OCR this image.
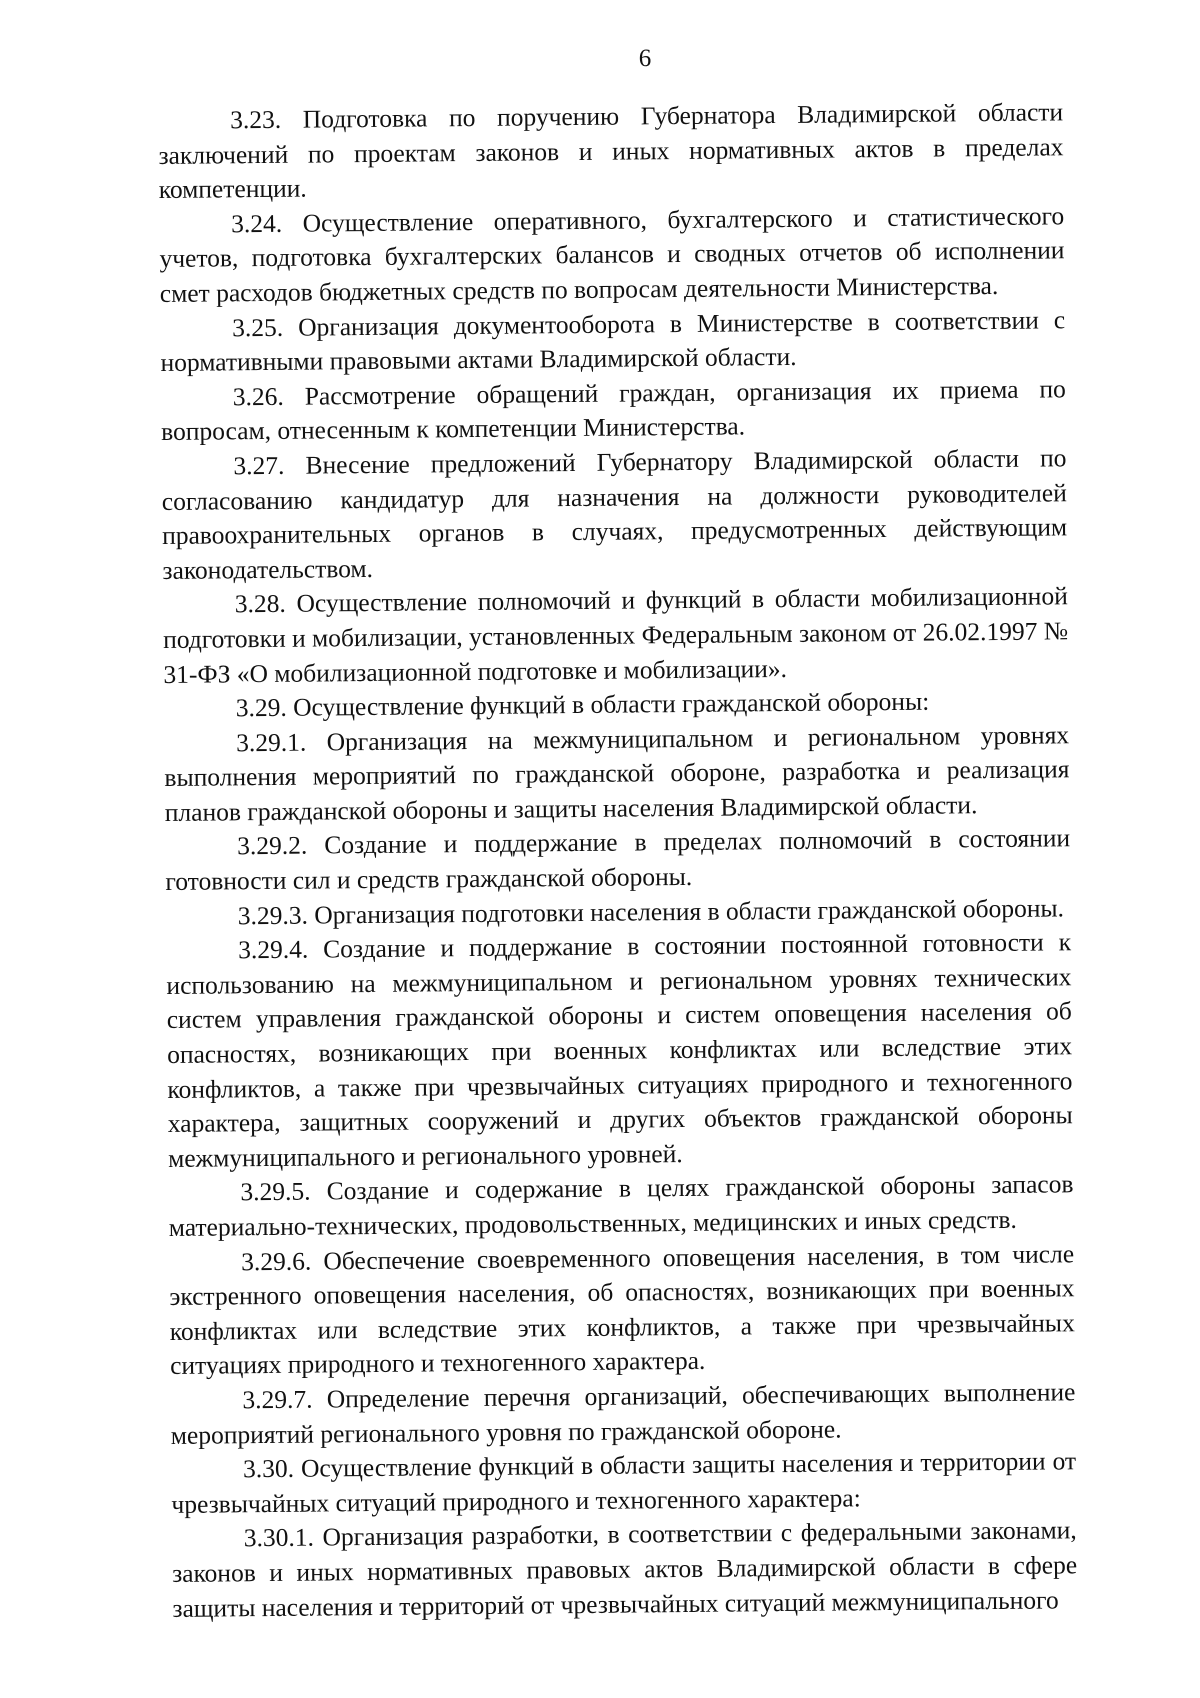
6

3.23. Подготовка по поручению Губернатора Владимирской области заключений по проектам законов и иных нормативных актов в пределах компетенции.

3.24. Осуществление оперативного, бухгалтерского и статистического учетов, подготовка бухгалтерских балансов и сводных отчетов об исполнении смет расходов бюджетных средств по вопросам деятельности Министерства.

3.25. Организация документооборота в Министерстве в соответствии с нормативными правовыми актами Владимирской области.

3.26. Рассмотрение обращений граждан, организация их приема по вопросам, отнесенным к компетенции Министерства.

3.27. Внесение предложений Губернатору Владимирской области по согласованию кандидатур для назначения на должности руководителей правоохранительных органов в случаях, предусмотренных действующим законодательством.

3.28. Осуществление полномочий и функций в области мобилизационной подготовки и мобилизации, установленных Федеральным законом от 26.02.1997 № 31-ФЗ «О мобилизационной подготовке и мобилизации».

3.29. Осуществление функций в области гражданской обороны:

3.29.1. Организация на межмуниципальном и региональном уровнях выполнения мероприятий по гражданской обороне, разработка и реализация планов гражданской обороны и защиты населения Владимирской области.

3.29.2. Создание и поддержание в пределах полномочий в состоянии готовности сил и средств гражданской обороны.

3.29.3. Организация подготовки населения в области гражданской обороны.

3.29.4. Создание и поддержание в состоянии постоянной готовности к использованию на межмуниципальном и региональном уровнях технических систем управления гражданской обороны и систем оповещения населения об опасностях, возникающих при военных конфликтах или вследствие этих конфликтов, а также при чрезвычайных ситуациях природного и техногенного характера, защитных сооружений и других объектов гражданской обороны межмуниципального и регионального уровней.

3.29.5. Создание и содержание в целях гражданской обороны запасов материально-технических, продовольственных, медицинских и иных средств.

3.29.6. Обеспечение своевременного оповещения населения, в том числе экстренного оповещения населения, об опасностях, возникающих при военных конфликтах или вследствие этих конфликтов, а также при чрезвычайных ситуациях природного и техногенного характера.

3.29.7. Определение перечня организаций, обеспечивающих выполнение мероприятий регионального уровня по гражданской обороне.

3.30. Осуществление функций в области защиты населения и территории от чрезвычайных ситуаций природного и техногенного характера:

3.30.1. Организация разработки, в соответствии с федеральными законами, законов и иных нормативных правовых актов Владимирской области в сфере защиты населения и территорий от чрезвычайных ситуаций межмуниципального
